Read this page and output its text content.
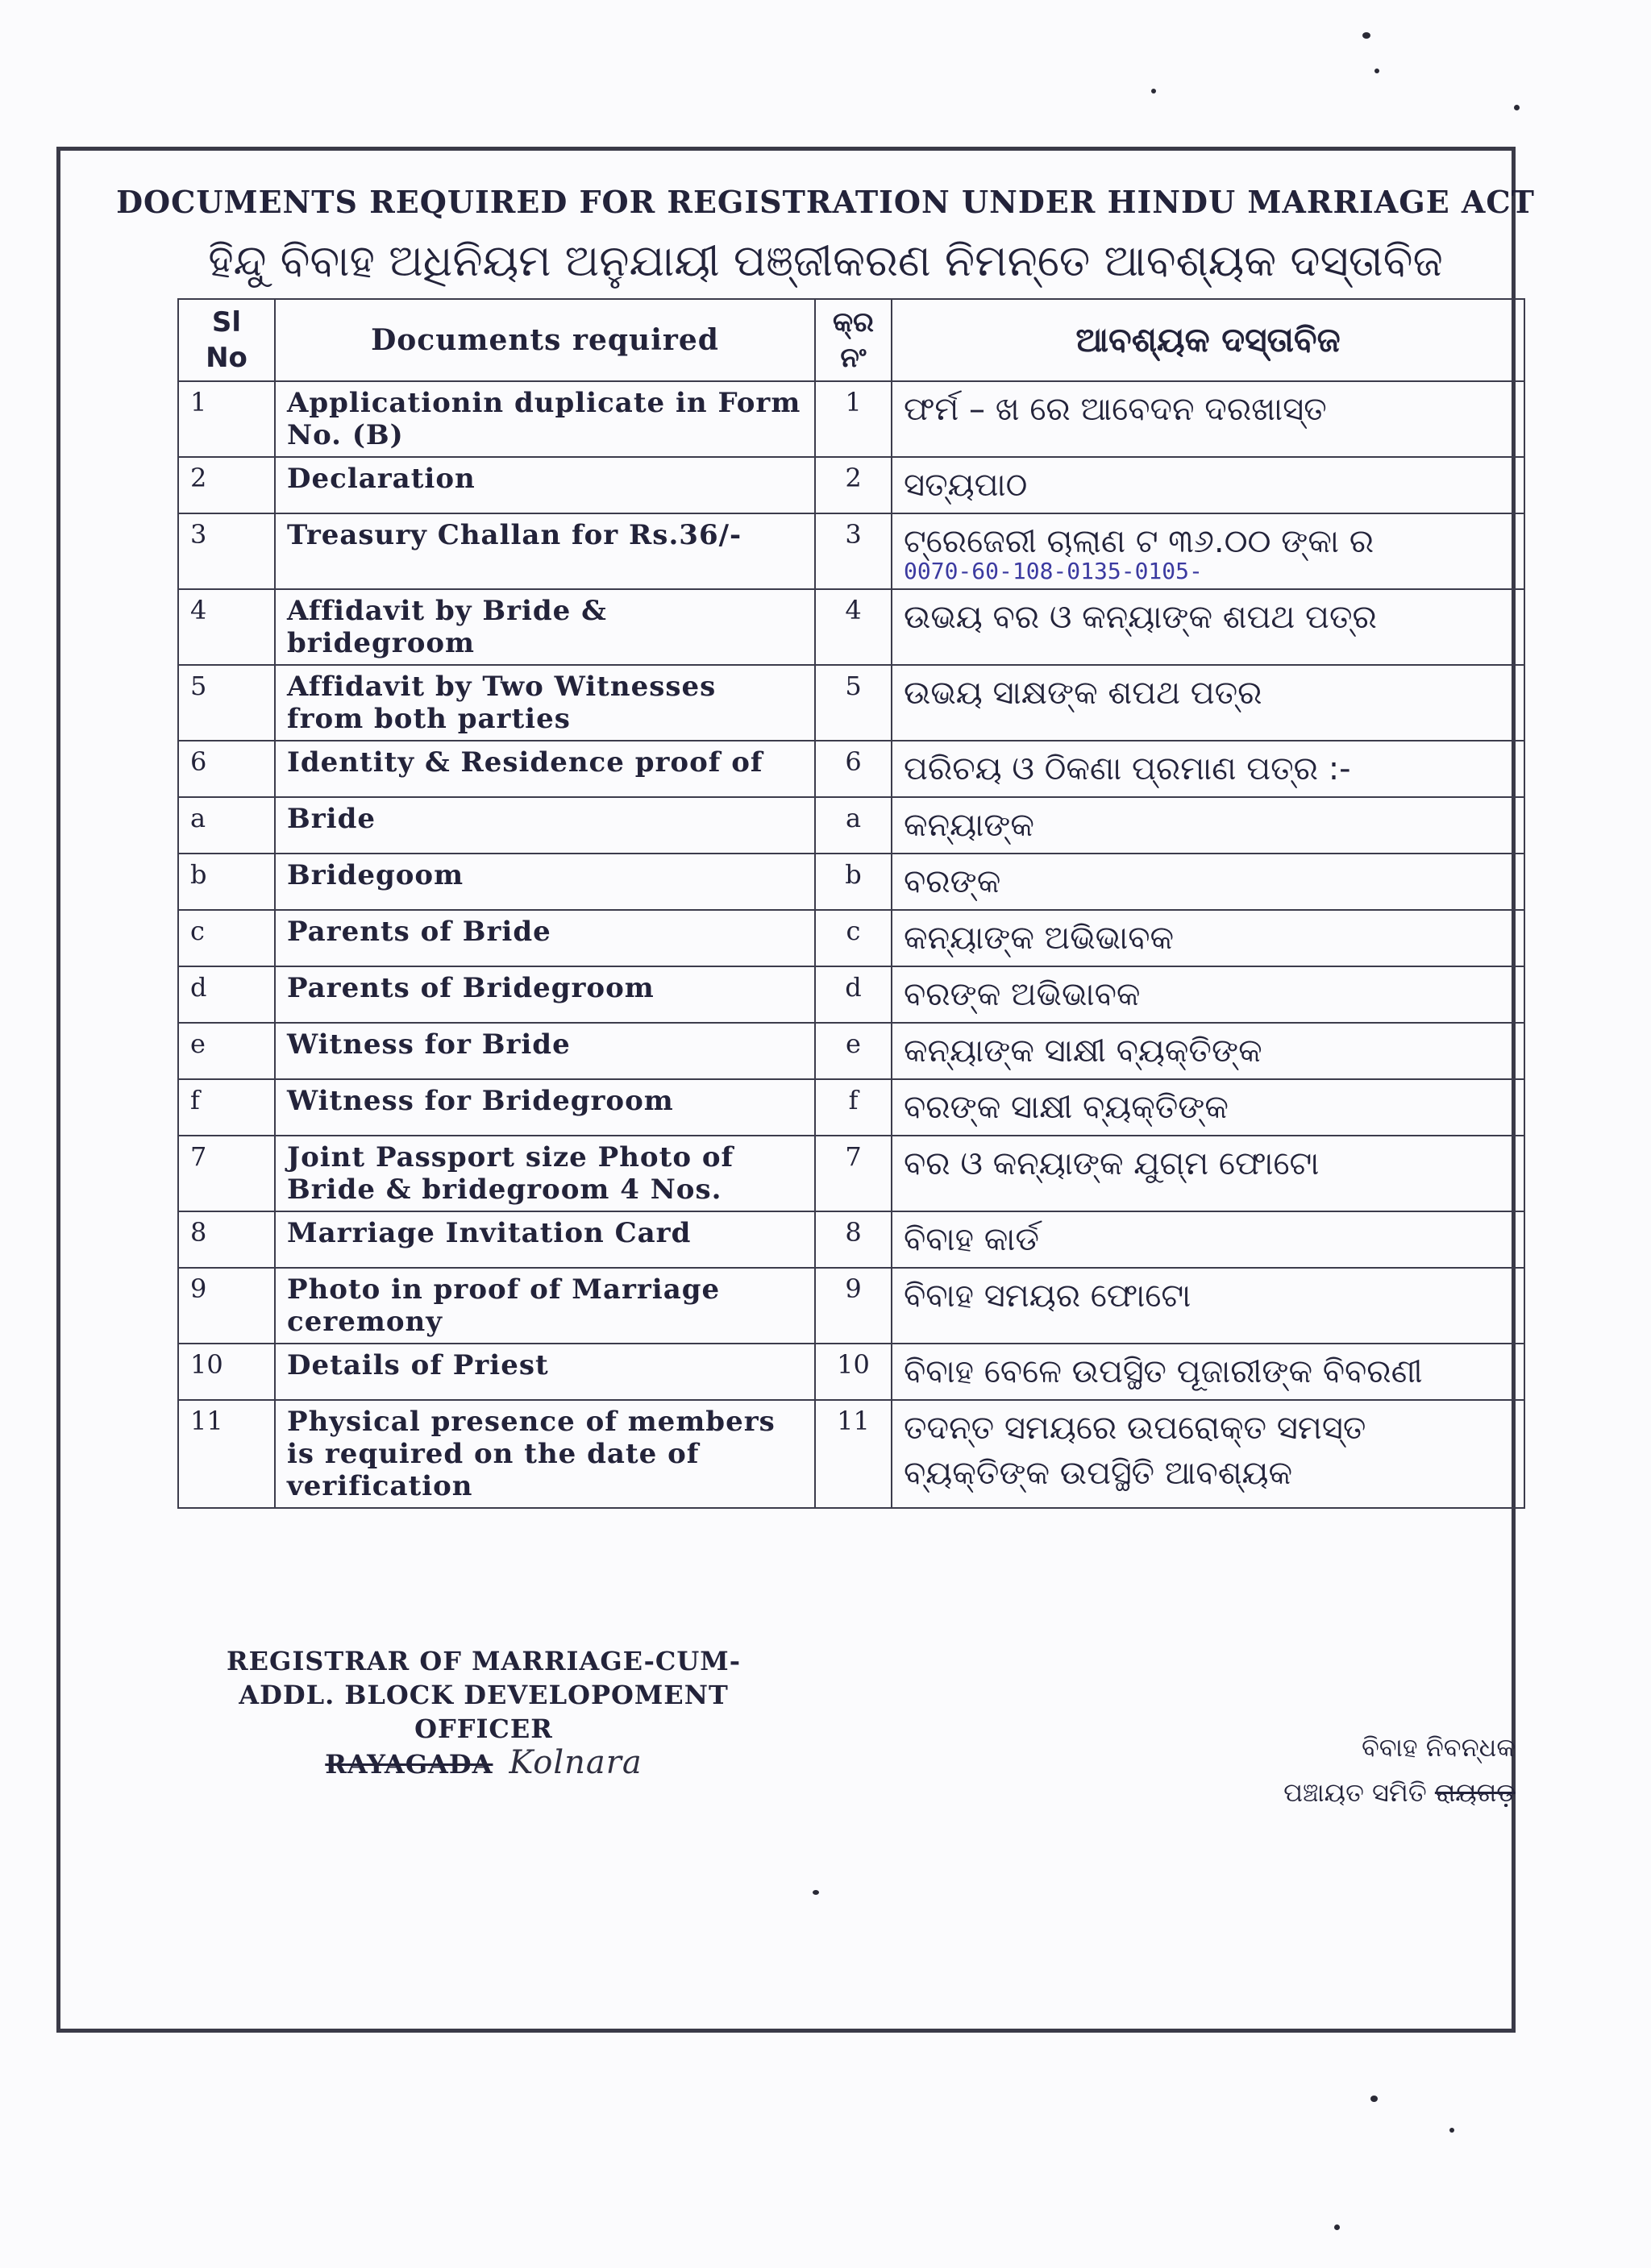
DOCUMENTS REQUIRED FOR REGISTRATION UNDER HINDU MARRIAGE ACT
ହିନ୍ଦୁ ବିବାହ ଅଧିନିୟମ ଅନୁଯାୟୀ ପଞ୍ଜୀକରଣ ନିମନ୍ତେ ଆବଶ୍ୟକ ଦସ୍ତାବିଜ
Sl No	Documents required	କ୍ର ନଂ	ଆବଶ୍ୟକ ଦସ୍ତାବିଜ
1	Applicationin duplicate in Form No. (B)	1	ଫର୍ମ – ଖ ରେ ଆବେଦନ ଦରଖାସ୍ତ
2	Declaration	2	ସତ୍ୟପାଠ
3	Treasury Challan for Rs.36/-	3	ଟ୍ରେଜେରୀ ଚାଲାଣ ଟ ୩୬.୦୦ ଙ୍କା ର
0070-60-108-0135-0105-

4	Affidavit by Bride & bridegroom	4	ଉଭୟ ବର ଓ କନ୍ୟାଙ୍କ ଶପଥ ପତ୍ର
5	Affidavit by Two Witnesses from both parties	5	ଉଭୟ ସାକ୍ଷଙ୍କ ଶପଥ ପତ୍ର
6	Identity & Residence proof of	6	ପରିଚୟ ଓ ଠିକଣା ପ୍ରମାଣ ପତ୍ର :-
a	Bride	a	କନ୍ୟାଙ୍କ
b	Bridegoom	b	ବରଙ୍କ
c	Parents of Bride	c	କନ୍ୟାଙ୍କ ଅଭିଭାବକ
d	Parents of Bridegroom	d	ବରଙ୍କ ଅଭିଭାବକ
e	Witness for Bride	e	କନ୍ୟାଙ୍କ ସାକ୍ଷୀ ବ୍ୟକ୍ତିଙ୍କ
f	Witness for Bridegroom	f	ବରଙ୍କ ସାକ୍ଷୀ ବ୍ୟକ୍ତିଙ୍କ
7	Joint Passport size Photo of Bride & bridegroom 4 Nos.	7	ବର ଓ କନ୍ୟାଙ୍କ ଯୁଗ୍ମ ଫୋଟୋ
8	Marriage Invitation Card	8	ବିବାହ କାର୍ଡ
9	Photo in proof of Marriage ceremony	9	ବିବାହ ସମୟର ଫୋଟୋ
10	Details of Priest	10	ବିବାହ ବେଳେ ଉପସ୍ଥିତ ପୂଜାରୀଙ୍କ ବିବରଣୀ
11	Physical presence of members is required on the date of verification	11	ତଦନ୍ତ ସମୟରେ ଉପରୋକ୍ତ ସମସ୍ତ ବ୍ୟକ୍ତିଙ୍କ ଉପସ୍ଥିତି ଆବଶ୍ୟକ
REGISTRAR OF MARRIAGE-CUM-
ADDL. BLOCK DEVELOPOMENT OFFICER
RAYAGADA Kolnara	ବିବାହ ନିବନ୍ଧକ
ପଞ୍ଚାୟତ ସମିତି ରାୟଗଡ଼
